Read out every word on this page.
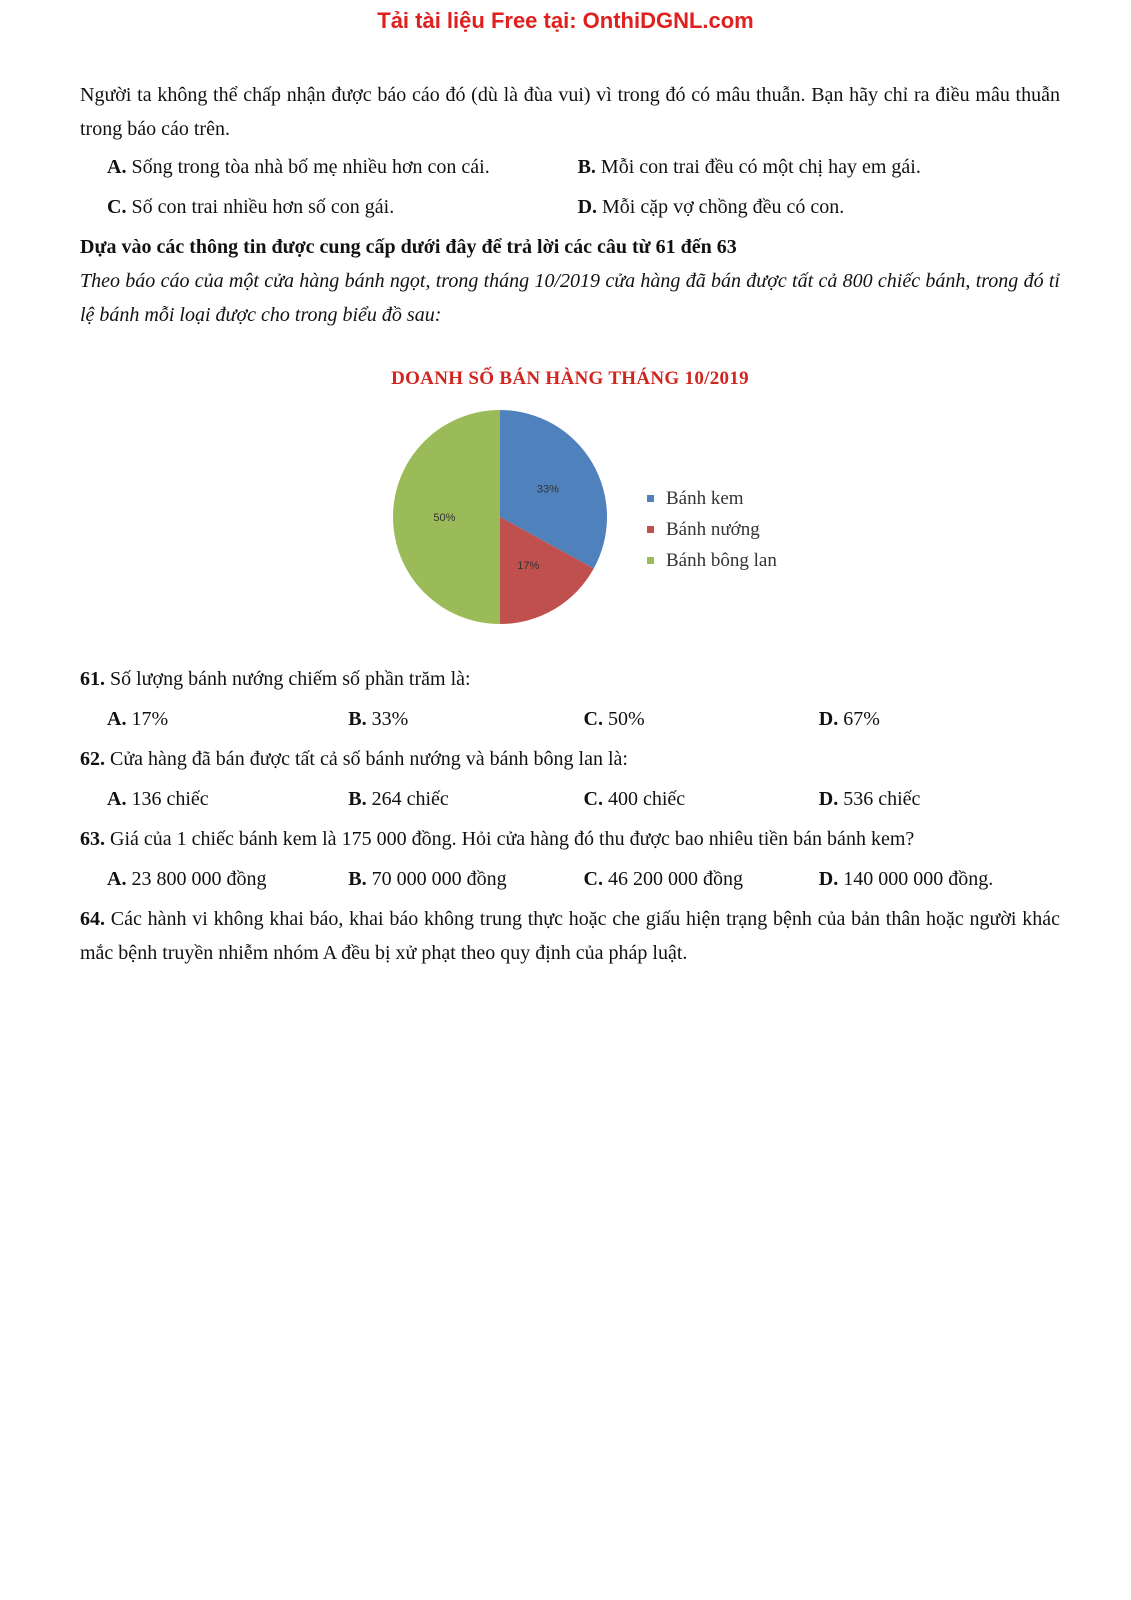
Tải tài liệu Free tại: OnthiDGNL.com

Người ta không thể chấp nhận được báo cáo đó (dù là đùa vui) vì trong đó có mâu thuẫn. Bạn hãy chỉ ra điều mâu thuẫn trong báo cáo trên.

A. Sống trong tòa nhà bố mẹ nhiều hơn con cái.	B. Mỗi con trai đều có một chị hay em gái.
C. Số con trai nhiều hơn số con gái.	D. Mỗi cặp vợ chồng đều có con.

Dựa vào các thông tin được cung cấp dưới đây để trả lời các câu từ 61 đến 63

Theo báo cáo của một cửa hàng bánh ngọt, trong tháng 10/2019 cửa hàng đã bán được tất cả 800 chiếc bánh, trong đó tỉ lệ bánh mỗi loại được cho trong biểu đồ sau:

DOANH SỐ BÁN HÀNG THÁNG 10/2019
33%
17%
50%
Bánh kem
Bánh nướng
Bánh bông lan

61. Số lượng bánh nướng chiếm số phần trăm là:

A. 17%	B. 33%	C. 50%	D. 67%

62. Cửa hàng đã bán được tất cả số bánh nướng và bánh bông lan là:

A. 136 chiếc	B. 264 chiếc	C. 400 chiếc	D. 536 chiếc

63. Giá của 1 chiếc bánh kem là 175 000 đồng. Hỏi cửa hàng đó thu được bao nhiêu tiền bán bánh kem?

A. 23 800 000 đồng	B. 70 000 000 đồng	C. 46 200 000 đồng	D. 140 000 000 đồng.

64. Các hành vi không khai báo, khai báo không trung thực hoặc che giấu hiện trạng bệnh của bản thân hoặc người khác mắc bệnh truyền nhiễm nhóm A đều bị xử phạt theo quy định của pháp luật.
